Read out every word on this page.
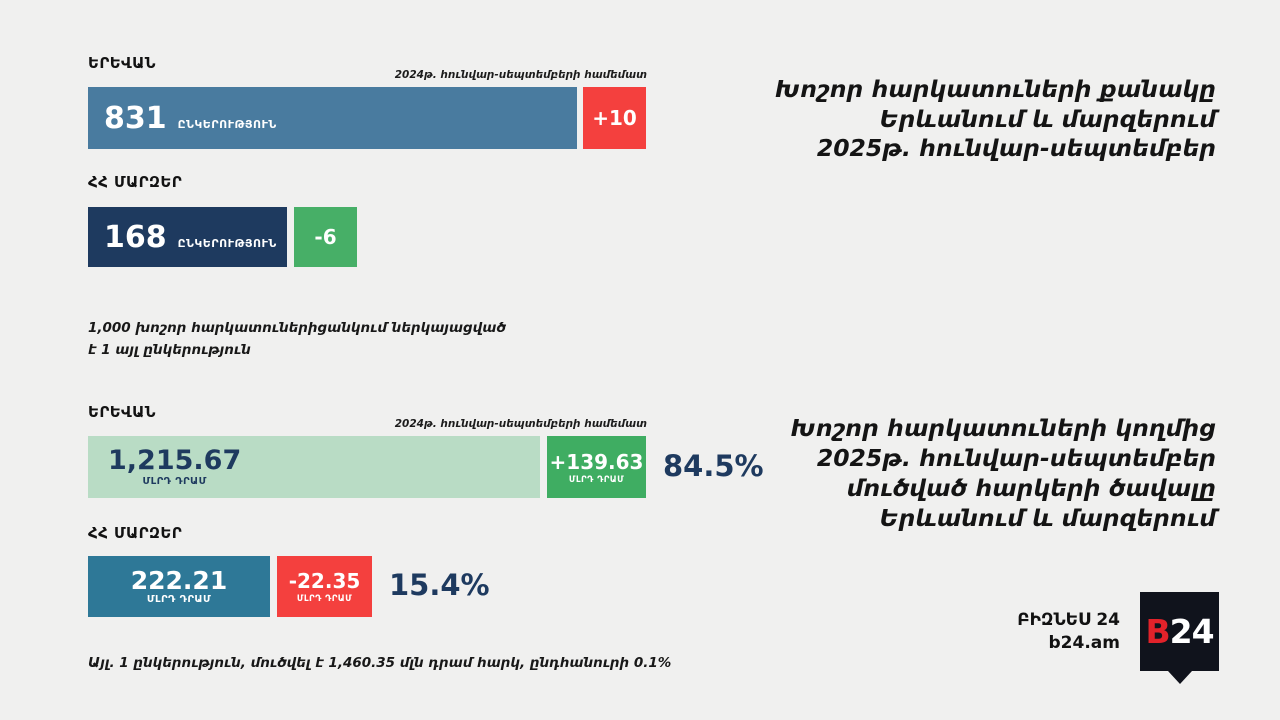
ԵՐԵՎԱՆ
2024թ. հունվար-սեպտեմբերի համեմատ
831 ԸՆԿԵՐՈՒԹՅՈՒՆ	+10
ՀՀ ՄԱՐԶԵՐ
168 ԸՆԿԵՐՈՒԹՅՈՒՆ -6
1,000 խոշոր հարկատուներիցանկում ներկայացված
է 1 այլ ընկերություն
Խոշոր հարկատուների քանակը
Երևանում և մարզերում
2025թ. հունվար-սեպտեմբեր
ԵՐԵՎԱՆ
2024թ. հունվար-սեպտեմբերի համեմատ
1,215.67
ՄԼՐԴ ԴՐԱՄ
+139.63
ՄԼՐԴ ԴՐԱՄ 84.5%
ՀՀ ՄԱՐԶԵՐ
222.21
ՄԼՐԴ ԴՐԱՄ
-22.35
ՄԼՐԴ ԴՐԱՄ 15.4%
Այլ. 1 ընկերություն, մուծվել է 1,460.35 մլն դրամ հարկ, ընդհանուրի 0.1%
Խոշոր հարկատուների կողմից
2025թ. հունվար-սեպտեմբեր
մուծված հարկերի ծավալը
Երևանում և մարզերում
ԲԻԶՆԵՍ 24
b24.am B24
